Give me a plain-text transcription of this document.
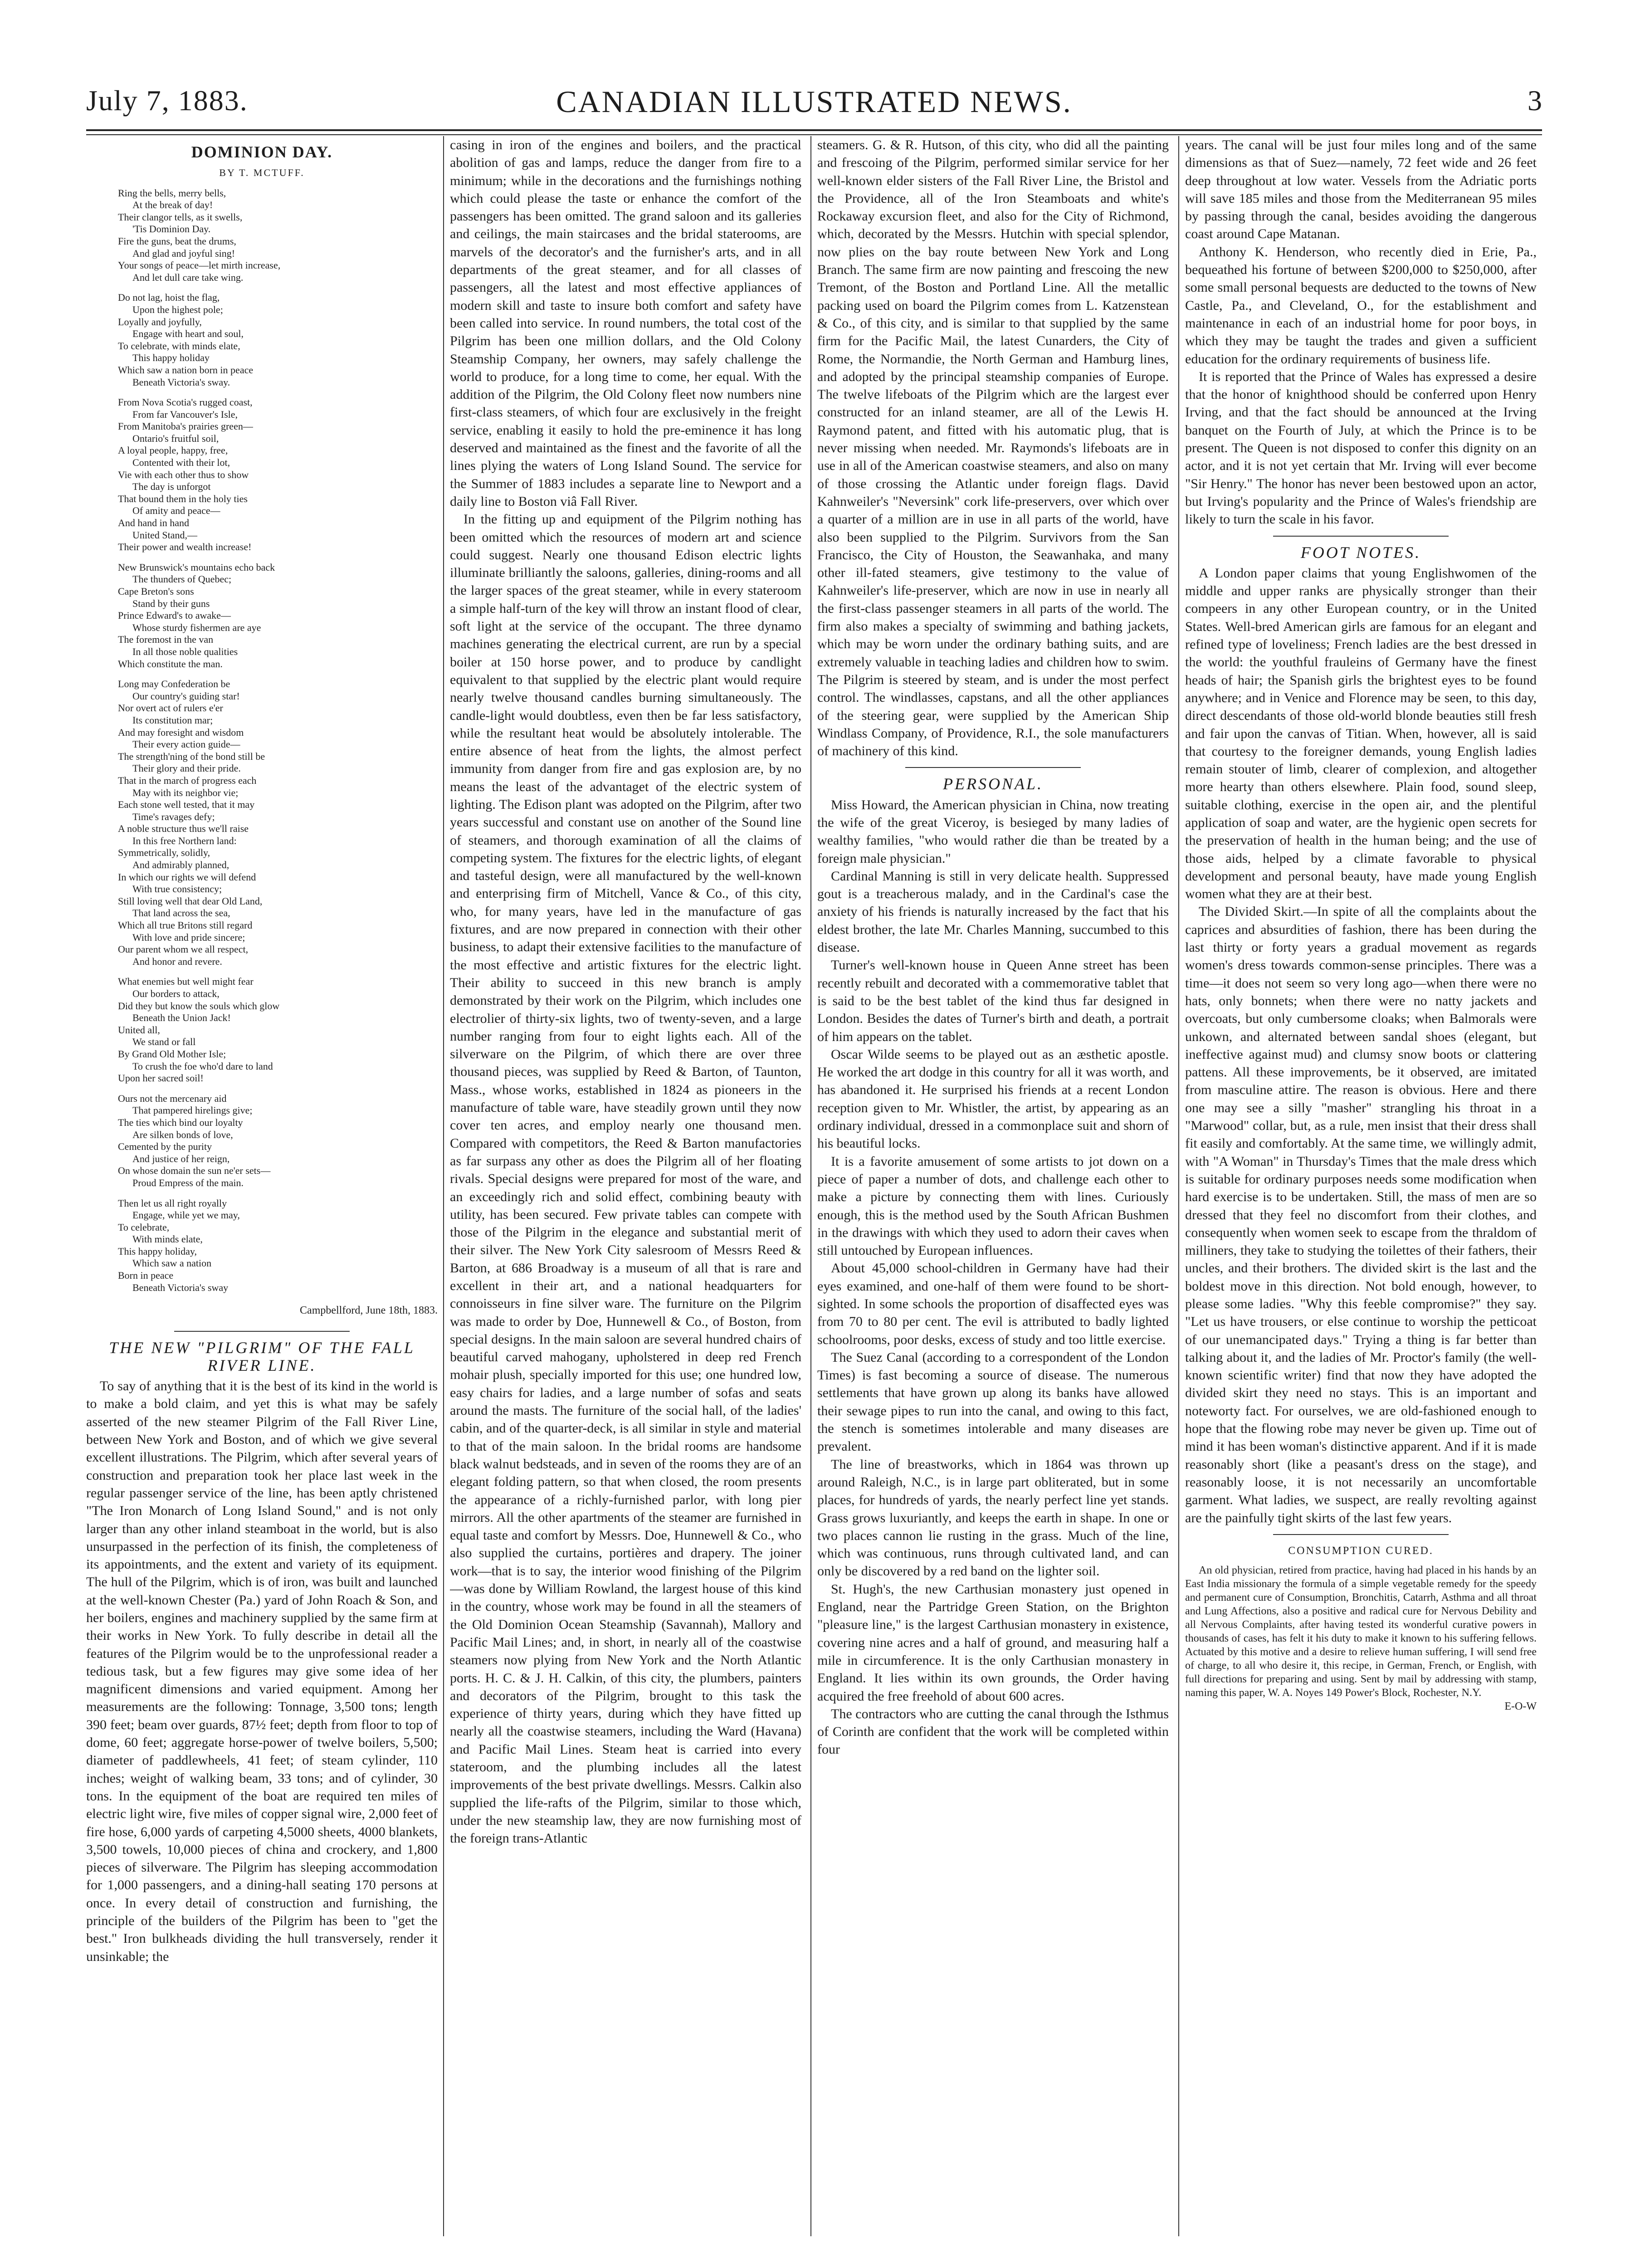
July 7, 1883.	CANADIAN ILLUSTRATED NEWS.	3
DOMINION DAY.
BY T. MCTUFF.
Ring the bells, merry bells,
At the break of day!
Their clangor tells, as it swells,
'Tis Dominion Day.
Fire the guns, beat the drums,
And glad and joyful sing!
Your songs of peace—let mirth increase,
And let dull care take wing.
Do not lag, hoist the flag,
Upon the highest pole;
Loyally and joyfully,
Engage with heart and soul,
To celebrate, with minds elate,
This happy holiday
Which saw a nation born in peace
Beneath Victoria's sway.
From Nova Scotia's rugged coast,
From far Vancouver's Isle,
From Manitoba's prairies green—
Ontario's fruitful soil,
A loyal people, happy, free,
Contented with their lot,
Vie with each other thus to show
The day is unforgot
That bound them in the holy ties
Of amity and peace—
And hand in hand
United Stand,—
Their power and wealth increase!
New Brunswick's mountains echo back
The thunders of Quebec;
Cape Breton's sons
Stand by their guns
Prince Edward's to awake—
Whose sturdy fishermen are aye
The foremost in the van
In all those noble qualities
Which constitute the man.
Long may Confederation be
Our country's guiding star!
Nor overt act of rulers e'er
Its constitution mar;
And may foresight and wisdom
Their every action guide—
The strength'ning of the bond still be
Their glory and their pride.
That in the march of progress each
May with its neighbor vie;
Each stone well tested, that it may
Time's ravages defy;
A noble structure thus we'll raise
In this free Northern land:
Symmetrically, solidly,
And admirably planned,
In which our rights we will defend
With true consistency;
Still loving well that dear Old Land,
That land across the sea,
Which all true Britons still regard
With love and pride sincere;
Our parent whom we all respect,
And honor and revere.
What enemies but well might fear
Our borders to attack,
Did they but know the souls which glow
Beneath the Union Jack!
United all,
We stand or fall
By Grand Old Mother Isle;
To crush the foe who'd dare to land
Upon her sacred soil!
Ours not the mercenary aid
That pampered hirelings give;
The ties which bind our loyalty
Are silken bonds of love,
Cemented by the purity
And justice of her reign,
On whose domain the sun ne'er sets—
Proud Empress of the main.
Then let us all right royally
Engage, while yet we may,
To celebrate,
With minds elate,
This happy holiday,
Which saw a nation
Born in peace
Beneath Victoria's sway
Campbellford, June 18th, 1883.
THE NEW "PILGRIM" OF THE FALL RIVER LINE.

To say of anything that it is the best of its kind in the world is to make a bold claim, and yet this is what may be safely asserted of the new steamer Pilgrim of the Fall River Line, between New York and Boston, and of which we give several excellent illustrations. The Pilgrim, which after several years of construction and preparation took her place last week in the regular passenger service of the line, has been aptly christened "The Iron Monarch of Long Island Sound," and is not only larger than any other inland steamboat in the world, but is also unsurpassed in the perfection of its finish, the completeness of its appointments, and the extent and variety of its equipment. The hull of the Pilgrim, which is of iron, was built and launched at the well-known Chester (Pa.) yard of John Roach & Son, and her boilers, engines and machinery supplied by the same firm at their works in New York. To fully describe in detail all the features of the Pilgrim would be to the unprofessional reader a tedious task, but a few figures may give some idea of her magnificent dimensions and varied equipment. Among her measurements are the following: Tonnage, 3,500 tons; length 390 feet; beam over guards, 87½ feet; depth from floor to top of dome, 60 feet; aggregate horse-power of twelve boilers, 5,500; diameter of paddlewheels, 41 feet; of steam cylinder, 110 inches; weight of walking beam, 33 tons; and of cylinder, 30 tons. In the equipment of the boat are required ten miles of electric light wire, five miles of copper signal wire, 2,000 feet of fire hose, 6,000 yards of carpeting 4,5000 sheets, 4000 blankets, 3,500 towels, 10,000 pieces of china and crockery, and 1,800 pieces of silverware. The Pilgrim has sleeping accommodation for 1,000 passengers, and a dining-hall seating 170 persons at once. In every detail of construction and furnishing, the principle of the builders of the Pilgrim has been to "get the best." Iron bulkheads dividing the hull transversely, render it unsinkable; the

casing in iron of the engines and boilers, and the practical abolition of gas and lamps, reduce the danger from fire to a minimum; while in the decorations and the furnishings nothing which could please the taste or enhance the comfort of the passengers has been omitted. The grand saloon and its galleries and ceilings, the main staircases and the bridal staterooms, are marvels of the decorator's and the furnisher's arts, and in all departments of the great steamer, and for all classes of passengers, all the latest and most effective appliances of modern skill and taste to insure both comfort and safety have been called into service. In round numbers, the total cost of the Pilgrim has been one million dollars, and the Old Colony Steamship Company, her owners, may safely challenge the world to produce, for a long time to come, her equal. With the addition of the Pilgrim, the Old Colony fleet now numbers nine first-class steamers, of which four are exclusively in the freight service, enabling it easily to hold the pre-eminence it has long deserved and maintained as the finest and the favorite of all the lines plying the waters of Long Island Sound. The service for the Summer of 1883 includes a separate line to Newport and a daily line to Boston viâ Fall River.

In the fitting up and equipment of the Pilgrim nothing has been omitted which the resources of modern art and science could suggest. Nearly one thousand Edison electric lights illuminate brilliantly the saloons, galleries, dining-rooms and all the larger spaces of the great steamer, while in every stateroom a simple half-turn of the key will throw an instant flood of clear, soft light at the service of the occupant. The three dynamo machines generating the electrical current, are run by a special boiler at 150 horse power, and to produce by candlight equivalent to that supplied by the electric plant would require nearly twelve thousand candles burning simultaneously. The candle-light would doubtless, even then be far less satisfactory, while the resultant heat would be absolutely intolerable. The entire absence of heat from the lights, the almost perfect immunity from danger from fire and gas explosion are, by no means the least of the advantaget of the electric system of lighting. The Edison plant was adopted on the Pilgrim, after two years successful and constant use on another of the Sound line of steamers, and thorough examination of all the claims of competing system. The fixtures for the electric lights, of elegant and tasteful design, were all manufactured by the well-known and enterprising firm of Mitchell, Vance & Co., of this city, who, for many years, have led in the manufacture of gas fixtures, and are now prepared in connection with their other business, to adapt their extensive facilities to the manufacture of the most effective and artistic fixtures for the electric light. Their ability to succeed in this new branch is amply demonstrated by their work on the Pilgrim, which includes one electrolier of thirty-six lights, two of twenty-seven, and a large number ranging from four to eight lights each. All of the silverware on the Pilgrim, of which there are over three thousand pieces, was supplied by Reed & Barton, of Taunton, Mass., whose works, established in 1824 as pioneers in the manufacture of table ware, have steadily grown until they now cover ten acres, and employ nearly one thousand men. Compared with competitors, the Reed & Barton manufactories as far surpass any other as does the Pilgrim all of her floating rivals. Special designs were prepared for most of the ware, and an exceedingly rich and solid effect, combining beauty with utility, has been secured. Few private tables can compete with those of the Pilgrim in the elegance and substantial merit of their silver. The New York City salesroom of Messrs Reed & Barton, at 686 Broadway is a museum of all that is rare and excellent in their art, and a national headquarters for connoisseurs in fine silver ware. The furniture on the Pilgrim was made to order by Doe, Hunnewell & Co., of Boston, from special designs. In the main saloon are several hundred chairs of beautiful carved mahogany, upholstered in deep red French mohair plush, specially imported for this use; one hundred low, easy chairs for ladies, and a large number of sofas and seats around the masts. The furniture of the social hall, of the ladies' cabin, and of the quarter-deck, is all similar in style and material to that of the main saloon. In the bridal rooms are handsome black walnut bedsteads, and in seven of the rooms they are of an elegant folding pattern, so that when closed, the room presents the appearance of a richly-furnished parlor, with long pier mirrors. All the other apartments of the steamer are furnished in equal taste and comfort by Messrs. Doe, Hunnewell & Co., who also supplied the curtains, portières and drapery. The joiner work—that is to say, the interior wood finishing of the Pilgrim—was done by William Rowland, the largest house of this kind in the country, whose work may be found in all the steamers of the Old Dominion Ocean Steamship (Savannah), Mallory and Pacific Mail Lines; and, in short, in nearly all of the coastwise steamers now plying from New York and the North Atlantic ports. H. C. & J. H. Calkin, of this city, the plumbers, painters and decorators of the Pilgrim, brought to this task the experience of thirty years, during which they have fitted up nearly all the coastwise steamers, including the Ward (Havana) and Pacific Mail Lines. Steam heat is carried into every stateroom, and the plumbing includes all the latest improvements of the best private dwellings. Messrs. Calkin also supplied the life-rafts of the Pilgrim, similar to those which, under the new steamship law, they are now furnishing most of the foreign trans-Atlantic

steamers. G. & R. Hutson, of this city, who did all the painting and frescoing of the Pilgrim, performed similar service for her well-known elder sisters of the Fall River Line, the Bristol and the Providence, all of the Iron Steamboats and white's Rockaway excursion fleet, and also for the City of Richmond, which, decorated by the Messrs. Hutchin with special splendor, now plies on the bay route between New York and Long Branch. The same firm are now painting and frescoing the new Tremont, of the Boston and Portland Line. All the metallic packing used on board the Pilgrim comes from L. Katzenstean & Co., of this city, and is similar to that supplied by the same firm for the Pacific Mail, the latest Cunarders, the City of Rome, the Normandie, the North German and Hamburg lines, and adopted by the principal steamship companies of Europe. The twelve lifeboats of the Pilgrim which are the largest ever constructed for an inland steamer, are all of the Lewis H. Raymond patent, and fitted with his automatic plug, that is never missing when needed. Mr. Raymonds's lifeboats are in use in all of the American coastwise steamers, and also on many of those crossing the Atlantic under foreign flags. David Kahnweiler's "Neversink" cork life-preservers, over which over a quarter of a million are in use in all parts of the world, have also been supplied to the Pilgrim. Survivors from the San Francisco, the City of Houston, the Seawanhaka, and many other ill-fated steamers, give testimony to the value of Kahnweiler's life-preserver, which are now in use in nearly all the first-class passenger steamers in all parts of the world. The firm also makes a specialty of swimming and bathing jackets, which may be worn under the ordinary bathing suits, and are extremely valuable in teaching ladies and children how to swim. The Pilgrim is steered by steam, and is under the most perfect control. The windlasses, capstans, and all the other appliances of the steering gear, were supplied by the American Ship Windlass Company, of Providence, R.I., the sole manufacturers of machinery of this kind.

PERSONAL.

Miss Howard, the American physician in China, now treating the wife of the great Viceroy, is besieged by many ladies of wealthy families, "who would rather die than be treated by a foreign male physician."

Cardinal Manning is still in very delicate health. Suppressed gout is a treacherous malady, and in the Cardinal's case the anxiety of his friends is naturally increased by the fact that his eldest brother, the late Mr. Charles Manning, succumbed to this disease.

Turner's well-known house in Queen Anne street has been recently rebuilt and decorated with a commemorative tablet that is said to be the best tablet of the kind thus far designed in London. Besides the dates of Turner's birth and death, a portrait of him appears on the tablet.

Oscar Wilde seems to be played out as an æsthetic apostle. He worked the art dodge in this country for all it was worth, and has abandoned it. He surprised his friends at a recent London reception given to Mr. Whistler, the artist, by appearing as an ordinary individual, dressed in a commonplace suit and shorn of his beautiful locks.

It is a favorite amusement of some artists to jot down on a piece of paper a number of dots, and challenge each other to make a picture by connecting them with lines. Curiously enough, this is the method used by the South African Bushmen in the drawings with which they used to adorn their caves when still untouched by European influences.

About 45,000 school-children in Germany have had their eyes examined, and one-half of them were found to be short-sighted. In some schools the proportion of disaffected eyes was from 70 to 80 per cent. The evil is attributed to badly lighted schoolrooms, poor desks, excess of study and too little exercise.

The Suez Canal (according to a correspondent of the London Times) is fast becoming a source of disease. The numerous settlements that have grown up along its banks have allowed their sewage pipes to run into the canal, and owing to this fact, the stench is sometimes intolerable and many diseases are prevalent.

The line of breastworks, which in 1864 was thrown up around Raleigh, N.C., is in large part obliterated, but in some places, for hundreds of yards, the nearly perfect line yet stands. Grass grows luxuriantly, and keeps the earth in shape. In one or two places cannon lie rusting in the grass. Much of the line, which was continuous, runs through cultivated land, and can only be discovered by a red band on the lighter soil.

St. Hugh's, the new Carthusian monastery just opened in England, near the Partridge Green Station, on the Brighton "pleasure line," is the largest Carthusian monastery in existence, covering nine acres and a half of ground, and measuring half a mile in circumference. It is the only Carthusian monastery in England. It lies within its own grounds, the Order having acquired the free freehold of about 600 acres.

The contractors who are cutting the canal through the Isthmus of Corinth are confident that the work will be completed within four

years. The canal will be just four miles long and of the same dimensions as that of Suez—namely, 72 feet wide and 26 feet deep throughout at low water. Vessels from the Adriatic ports will save 185 miles and those from the Mediterranean 95 miles by passing through the canal, besides avoiding the dangerous coast around Cape Matanan.

Anthony K. Henderson, who recently died in Erie, Pa., bequeathed his fortune of between $200,000 to $250,000, after some small personal bequests are deducted to the towns of New Castle, Pa., and Cleveland, O., for the establishment and maintenance in each of an industrial home for poor boys, in which they may be taught the trades and given a sufficient education for the ordinary requirements of business life.

It is reported that the Prince of Wales has expressed a desire that the honor of knighthood should be conferred upon Henry Irving, and that the fact should be announced at the Irving banquet on the Fourth of July, at which the Prince is to be present. The Queen is not disposed to confer this dignity on an actor, and it is not yet certain that Mr. Irving will ever become "Sir Henry." The honor has never been bestowed upon an actor, but Irving's popularity and the Prince of Wales's friendship are likely to turn the scale in his favor.

FOOT NOTES.

A London paper claims that young Englishwomen of the middle and upper ranks are physically stronger than their compeers in any other European country, or in the United States. Well-bred American girls are famous for an elegant and refined type of loveliness; French ladies are the best dressed in the world: the youthful frauleins of Germany have the finest heads of hair; the Spanish girls the brightest eyes to be found anywhere; and in Venice and Florence may be seen, to this day, direct descendants of those old-world blonde beauties still fresh and fair upon the canvas of Titian. When, however, all is said that courtesy to the foreigner demands, young English ladies remain stouter of limb, clearer of complexion, and altogether more hearty than others elsewhere. Plain food, sound sleep, suitable clothing, exercise in the open air, and the plentiful application of soap and water, are the hygienic open secrets for the preservation of health in the human being; and the use of those aids, helped by a climate favorable to physical development and personal beauty, have made young English women what they are at their best.

The Divided Skirt.—In spite of all the complaints about the caprices and absurdities of fashion, there has been during the last thirty or forty years a gradual movement as regards women's dress towards common-sense principles. There was a time—it does not seem so very long ago—when there were no hats, only bonnets; when there were no natty jackets and overcoats, but only cumbersome cloaks; when Balmorals were unkown, and alternated between sandal shoes (elegant, but ineffective against mud) and clumsy snow boots or clattering pattens. All these improvements, be it observed, are imitated from masculine attire. The reason is obvious. Here and there one may see a silly "masher" strangling his throat in a "Marwood" collar, but, as a rule, men insist that their dress shall fit easily and comfortably. At the same time, we willingly admit, with "A Woman" in Thursday's Times that the male dress which is suitable for ordinary purposes needs some modification when hard exercise is to be undertaken. Still, the mass of men are so dressed that they feel no discomfort from their clothes, and consequently when women seek to escape from the thraldom of milliners, they take to studying the toilettes of their fathers, their uncles, and their brothers. The divided skirt is the last and the boldest move in this direction. Not bold enough, however, to please some ladies. "Why this feeble compromise?" they say. "Let us have trousers, or else continue to worship the petticoat of our unemancipated days." Trying a thing is far better than talking about it, and the ladies of Mr. Proctor's family (the well-known scientific writer) find that now they have adopted the divided skirt they need no stays. This is an important and noteworty fact. For ourselves, we are old-fashioned enough to hope that the flowing robe may never be given up. Time out of mind it has been woman's distinctive apparent. And if it is made reasonably short (like a peasant's dress on the stage), and reasonably loose, it is not necessarily an uncomfortable garment. What ladies, we suspect, are really revolting against are the painfully tight skirts of the last few years.

CONSUMPTION CURED.

An old physician, retired from practice, having had placed in his hands by an East India missionary the formula of a simple vegetable remedy for the speedy and permanent cure of Consumption, Bronchitis, Catarrh, Asthma and all throat and Lung Affections, also a positive and radical cure for Nervous Debility and all Nervous Complaints, after having tested its wonderful curative powers in thousands of cases, has felt it his duty to make it known to his suffering fellows. Actuated by this motive and a desire to relieve human suffering, I will send free of charge, to all who desire it, this recipe, in German, French, or English, with full directions for preparing and using. Sent by mail by addressing with stamp, naming this paper, W. A. Noyes 149 Power's Block, Rochester, N.Y.

E-O-W
